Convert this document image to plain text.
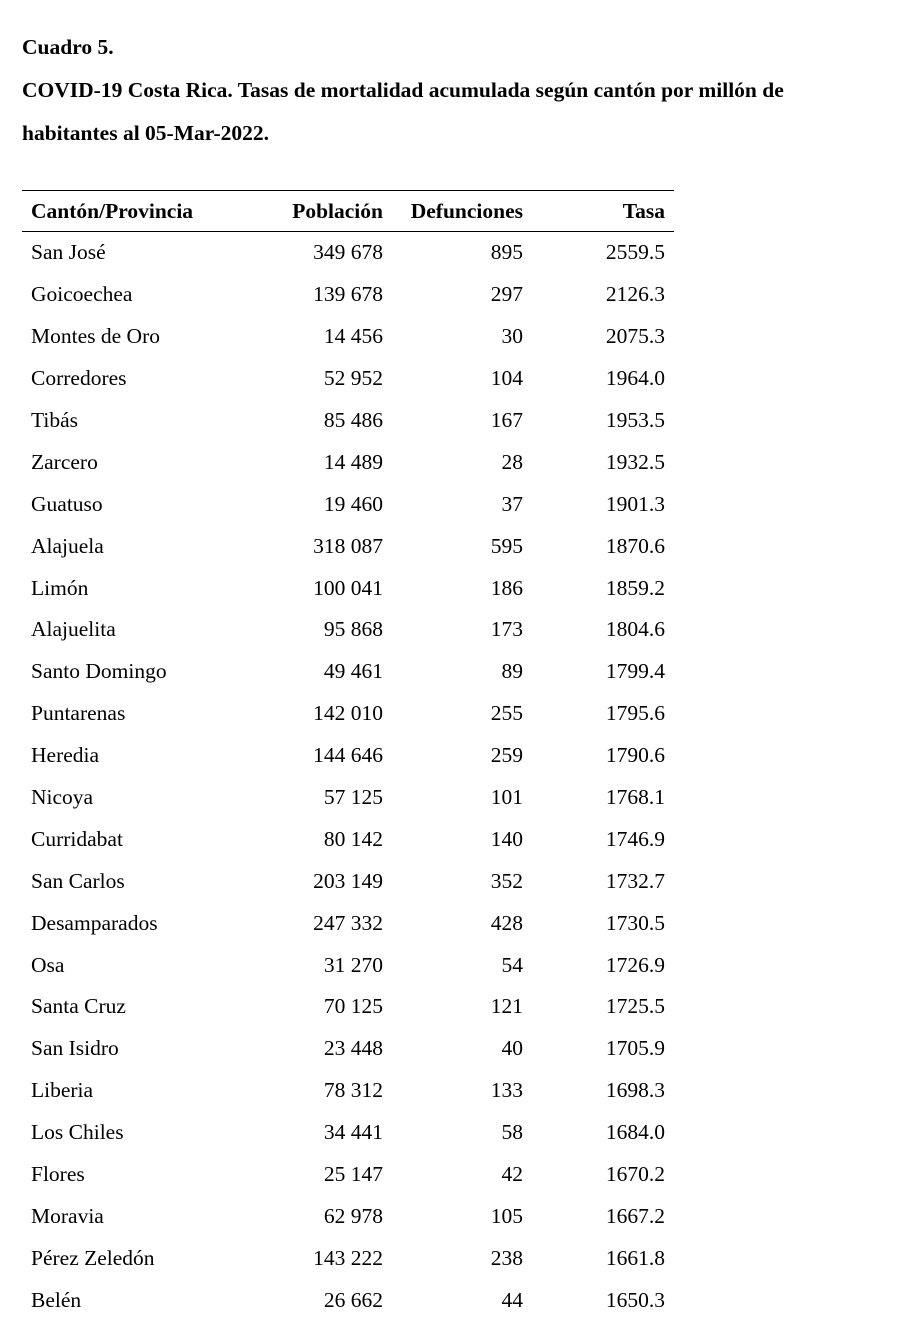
Cuadro 5.
COVID-19 Costa Rica. Tasas de mortalidad acumulada según cantón por millón de
habitantes al 05-Mar-2022.
Cantón/Provincia	Población	Defunciones	Tasa
San José	349 678	895	2559.5
Goicoechea	139 678	297	2126.3
Montes de Oro	14 456	30	2075.3
Corredores	52 952	104	1964.0
Tibás	85 486	167	1953.5
Zarcero	14 489	28	1932.5
Guatuso	19 460	37	1901.3
Alajuela	318 087	595	1870.6
Limón	100 041	186	1859.2
Alajuelita	95 868	173	1804.6
Santo Domingo	49 461	89	1799.4
Puntarenas	142 010	255	1795.6
Heredia	144 646	259	1790.6
Nicoya	57 125	101	1768.1
Curridabat	80 142	140	1746.9
San Carlos	203 149	352	1732.7
Desamparados	247 332	428	1730.5
Osa	31 270	54	1726.9
Santa Cruz	70 125	121	1725.5
San Isidro	23 448	40	1705.9
Liberia	78 312	133	1698.3
Los Chiles	34 441	58	1684.0
Flores	25 147	42	1670.2
Moravia	62 978	105	1667.2
Pérez Zeledón	143 222	238	1661.8
Belén	26 662	44	1650.3
